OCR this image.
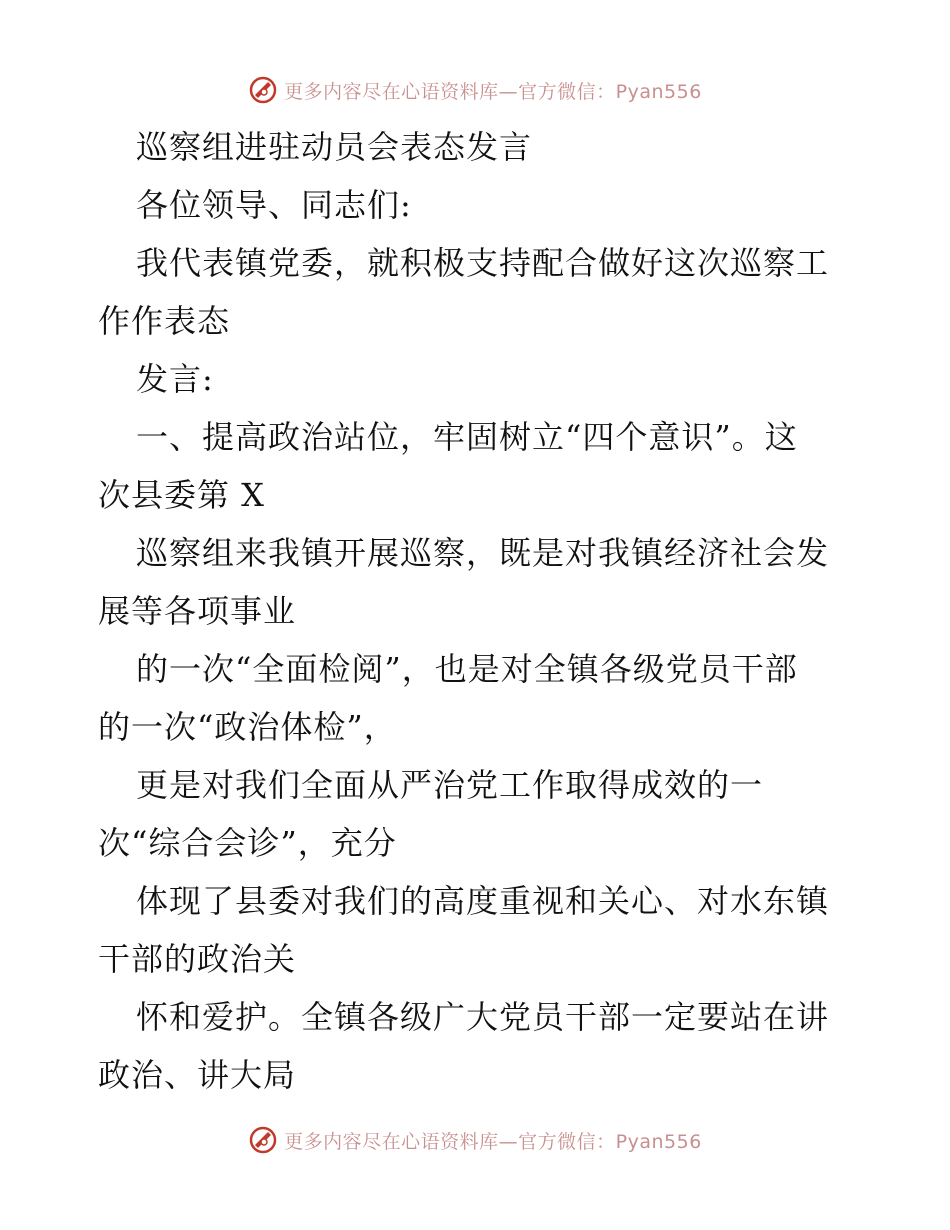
更多内容尽在心语资料库—官方微信：Pyan556
巡察组进驻动员会表态发言
各位领导、同志们:
我代表镇党委，就积极支持配合做好这次巡察工
作作表态
发言:
一、提高政治站位，牢固树立“四个意识”。这
次县委第 X
巡察组来我镇开展巡察，既是对我镇经济社会发
展等各项事业
的一次“全面检阅”，也是对全镇各级党员干部
的一次“政治体检”，
更是对我们全面从严治党工作取得成效的一
次“综合会诊”，充分
体现了县委对我们的高度重视和关心、对水东镇
干部的政治关
怀和爱护。全镇各级广大党员干部一定要站在讲
政治、讲大局
更多内容尽在心语资料库—官方微信：Pyan556
